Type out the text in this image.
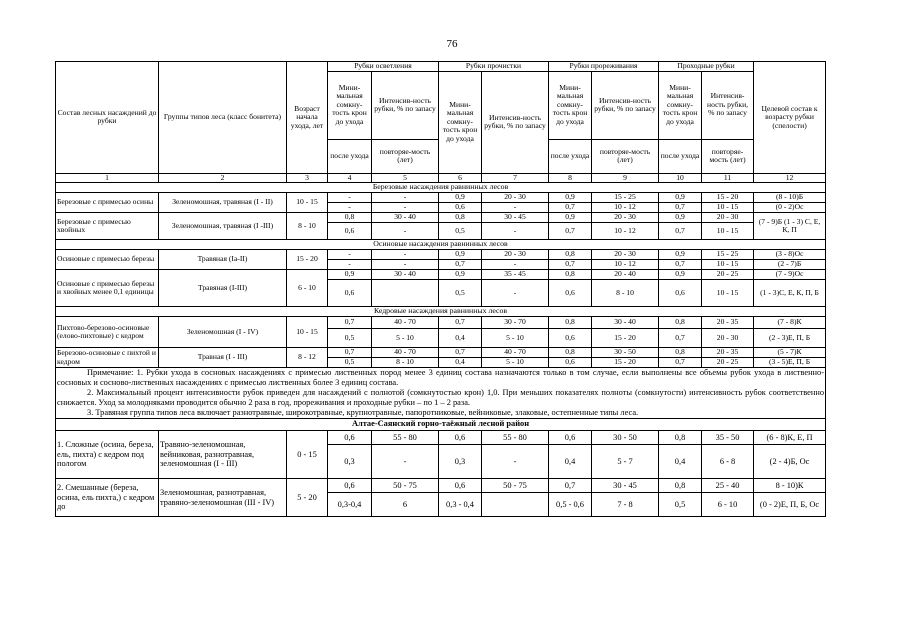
76
Состав лесных насаждений до рубки	Группы типов леса (класс бонитета)	Возраст начала ухода, лет	Рубки осветления		Рубки прочистки		Рубки прореживания		Проходные рубки		Целевой состав к возрасту рубки (спелости)
			Мини-мальная сомкну-тость крон до ухода	Интенсив-ность рубки, % по запасу	Мини-мальная сомкну-тость крон до ухода	Интенсив-ность рубки, % по запасу	Мини-мальная сомкну-тость крон до ухода	Интенсив-ность рубки, % по запасу	Мини-мальная сомкну-тость крон до ухода	Интенсив-ность рубки, % по запасу	
			после ухода	повторяе-мость (лет)			после ухода	повторяе-мость (лет)	после ухода	повторяе-мость (лет)	
1	2	3	4	5	6	7	8	9	10	11	12
Березовые насаждения равнинных лесов											
Березовые с примесью осины	Зеленомошная, травяная (I - II)	10 - 15	-	-	0,9	20 - 30	0,9	15 - 25	0,9	15 - 20	(8 - 10)Б
			-	-	0,6	-	0,7	10 - 12	0,7	10 - 15	(0 - 2)Ос
Березовые с примесью хвойных	Зеленомошная, травяная (I -III)	8 - 10	0,8	30 - 40	0,8	30 - 45	0,9	20 - 30	0,9	20 - 30	(7 - 9)Б (1 - 3) С, Е, К, П
			0,6	-	0,5	-	0,7	10 - 12	0,7	10 - 15	
Осиновые насаждения равнинных лесов											
Осиновые с примесью березы	Травяная (Iа-II)	15 - 20	-	-	0,9	20 - 30	0,8	20 - 30	0,9	15 - 25	(3 - 8)Ос
			-	-	0,7	-	0,7	10 - 12	0,7	10 - 15	(2 - 7)Б
Осиновые с примесью березы и хвойных менее 0,1 единицы	Травяная (I-III)	6 - 10	0,9	30 - 40	0,9	35 - 45	0,8	20 - 40	0,9	20 - 25	(7 - 9)Ос
			0,6		0,5	-	0,6	8 - 10	0,6	10 - 15	(1 - 3)С, Е, К, П, Б
Кедровые насаждения равнинных лесов											
Пихтово-березово-осиновые (елово-пихтовые) с кедром	Зеленомошная (I - IV)	10 - 15	0,7	40 - 70	0,7	30 - 70	0,8	30 - 40	0,8	20 - 35	(7 - 8)К
			0,5	5 - 10	0,4	5 - 10	0,6	15 - 20	0,7	20 - 30	(2 - 3)Е, П, Б
Березово-осиновые с пихтой и кедром	Травная (I - III)	8 - 12	0,7	40 - 70	0,7	40 - 70	0,8	30 - 50	0,8	20 - 35	(5 - 7)К
			0,5	8 - 10	0,4	5 - 10	0,6	15 - 20	0,7	20 - 25	(3 - 5)Е, П, Б

Примечание: 1. Рубки ухода в сосновых насаждениях с примесью лиственных пород менее 3 единиц состава назначаются только в том случае, если выполнены все объемы рубок ухода в лиственно-сосновых и сосново-лиственных насаждениях с примесью лиственных более 3 единиц состава.

2. Максимальный процент интенсивности рубок приведен для насаждений с полнотой (сомкнутостью крон) 1,0. При меньших показателях полноты (сомкнутости) интенсивность рубок соответственно снижается. Уход за молодняками проводится обычно 2 раза в год, прореживания и проходные рубки – по 1 – 2 раза.

3. Травяная группа типов леса включает разнотравные, широкотравные, крупнотравные, папоротниковые, вейниковые, злаковые, остепненные типы леса.											

Алтае-Саянский горно-таёжный лесной район											
1. Сложные (осина, береза, ель, пихта) с кедром под пологом	Травяно-зеленомошная, вейниковая, разнотравная, зеленомошная (I - III)	0 - 15	0,6	55 - 80	0,6	55 - 80	0,6	30 - 50	0,8	35 - 50	(6 - 8)К, Е, П
			0,3	-	0,3	-	0,4	5 - 7	0,4	6 - 8	(2 - 4)Б, Ос
2. Смешанные (береза, осина, ель пихта,) с кедром до	Зеленомошная, разнотравная, травяно-зеленомошная (III - IV)	5 - 20	0,6	50 - 75	0,6	50 - 75	0,7	30 - 45	0,8	25 - 40	8 - 10)К
			0,3-0,4	6	0,3 - 0,4		0,5 - 0,6	7 - 8	0,5	6 - 10	(0 - 2)Е, П, Б, Ос
